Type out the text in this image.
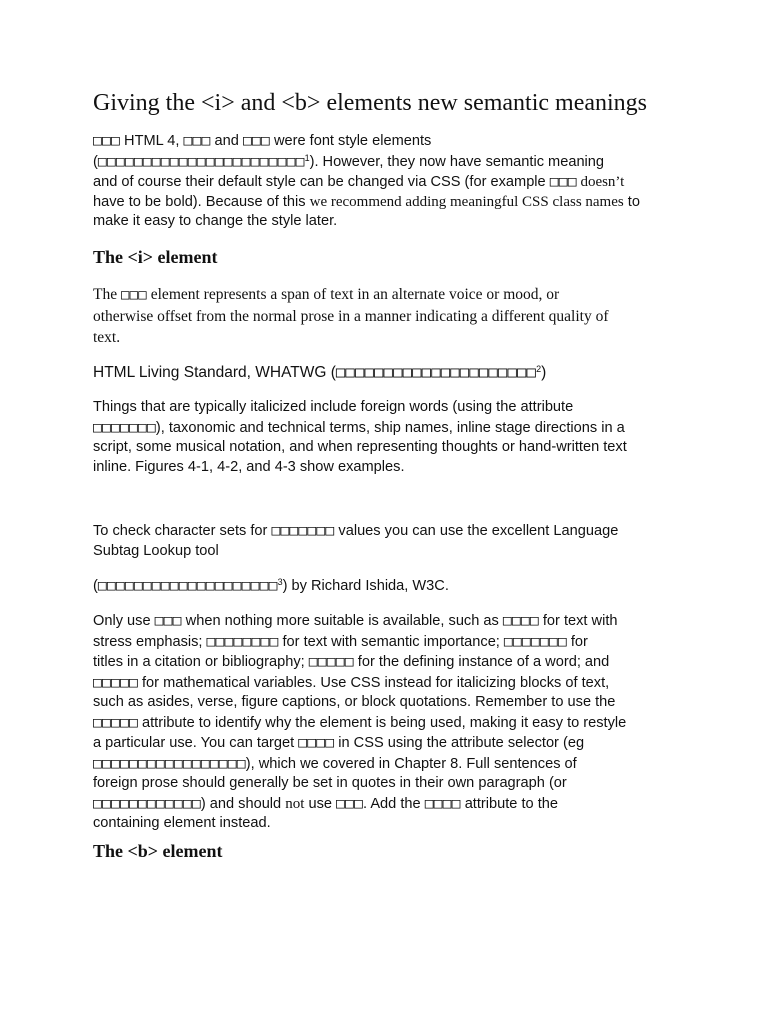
Giving the <i> and <b> elements new semantic meanings
□□□ HTML 4, □□□ and □□□ were font style elements
(□□□□□□□□□□□□□□□□□□□□□□□$^1$). However, they now have semantic meaning
and of course their default style can be changed via CSS (for example □□□ doesn’t
have to be bold). Because of this we recommend adding meaningful CSS class names to
make it easy to change the style later.
The <i> element
The □□□ element represents a span of text in an alternate voice or mood, or
otherwise offset from the normal prose in a manner indicating a different quality of
text.
HTML Living Standard, WHATWG (□□□□□□□□□□□□□□□□□□□□□$^2$)
Things that are typically italicized include foreign words (using the attribute
□□□□□□□), taxonomic and technical terms, ship names, inline stage directions in a
script, some musical notation, and when representing thoughts or hand-written text
inline. Figures 4-1, 4-2, and 4-3 show examples.
To check character sets for □□□□□□□ values you can use the excellent Language
Subtag Lookup tool
(□□□□□□□□□□□□□□□□□□□□$^3$) by Richard Ishida, W3C.
Only use □□□ when nothing more suitable is available, such as □□□□ for text with
stress emphasis; □□□□□□□□ for text with semantic importance; □□□□□□□ for
titles in a citation or bibliography; □□□□□ for the defining instance of a word; and
□□□□□ for mathematical variables. Use CSS instead for italicizing blocks of text,
such as asides, verse, figure captions, or block quotations. Remember to use the
□□□□□ attribute to identify why the element is being used, making it easy to restyle
a particular use. You can target □□□□ in CSS using the attribute selector (eg
□□□□□□□□□□□□□□□□□), which we covered in Chapter 8. Full sentences of
foreign prose should generally be set in quotes in their own paragraph (or
□□□□□□□□□□□□) and should not use □□□. Add the □□□□ attribute to the
containing element instead.
The <b> element
